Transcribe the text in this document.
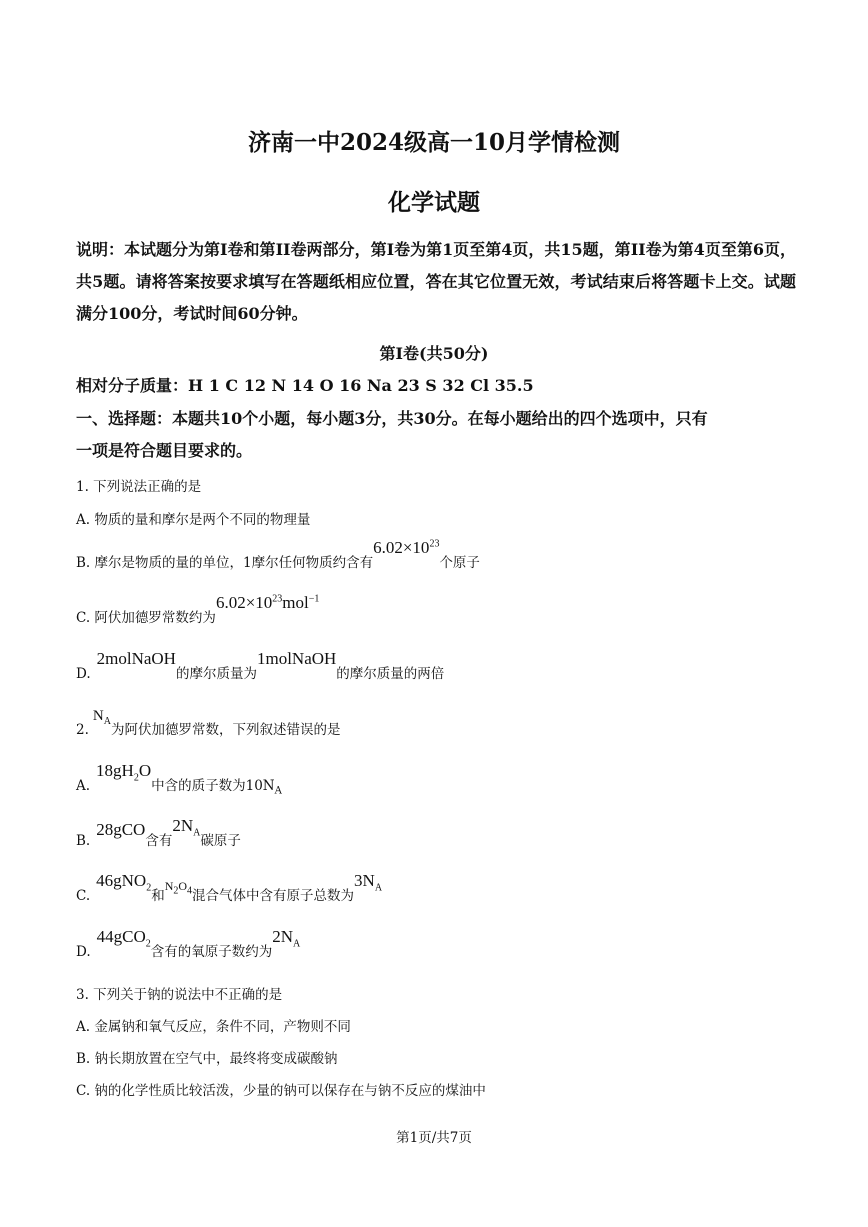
济南一中2024级高一10月学情检测
化学试题
说明：本试题分为第I卷和第II卷两部分，第I卷为第1页至第4页，共15题，第II卷为第4页至第6页，共5题。请将答案按要求填写在答题纸相应位置，答在其它位置无效，考试结束后将答题卡上交。试题满分100分，考试时间60分钟。
第I卷(共50分)
相对分子质量：H 1 C 12 N 14 O 16 Na 23 S 32 Cl 35.5
一、选择题：本题共10个小题，每小题3分，共30分。在每小题给出的四个选项中，只有
一项是符合题目要求的。
1. 下列说法正确的是
A. 物质的量和摩尔是两个不同的物理量
B. 摩尔是物质的量的单位，1摩尔任何物质约含有$6.02\times 10^{23}$个原子
C. 阿伏加德罗常数约为$6.02\times 10^{23}mol^{-1}$
D.2molNaOH的摩尔质量为1molNaOH的摩尔质量的两倍
$2.N_A$为阿伏加德罗常数，下列叙述错误的是
$A.18gH_2O$中含的质子数为$10N_A$
B.28gCO含有$2N_A$碳原子
C.46gNO$_2$和$N_2O_4$混合气体中含有原子总数为$3N_A$
D.44gCO$_2$含有的氧原子数约为$2N_A$
3. 下列关于钠的说法中不正确的是
A. 金属钠和氧气反应，条件不同，产物则不同
B. 钠长期放置在空气中，最终将变成碳酸钠
C. 钠的化学性质比较活泼，少量的钠可以保存在与钠不反应的煤油中
第1页/共7页
